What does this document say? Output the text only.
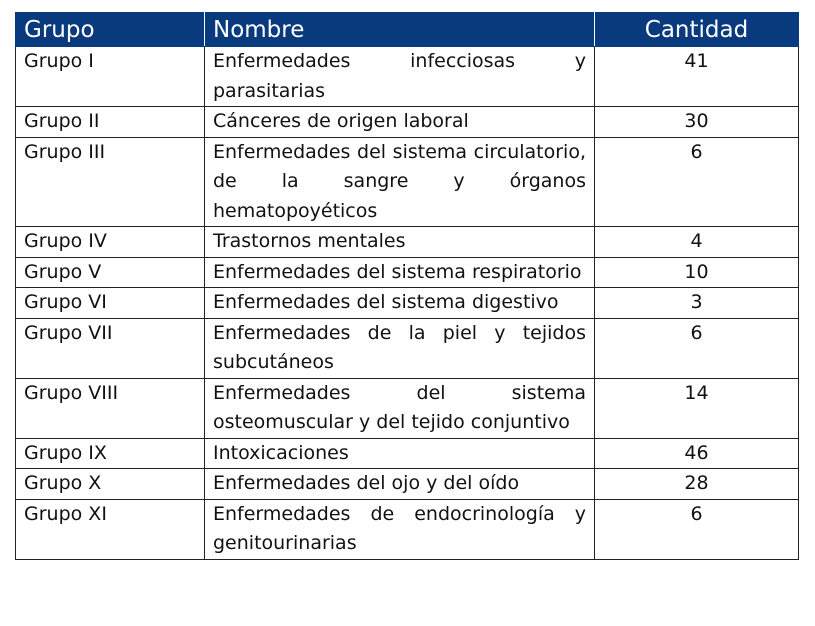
Grupo	Nombre	Cantidad
Grupo I	Enfermedades infecciosas y parasitarias	41
Grupo II	Cánceres de origen laboral	30
Grupo III	Enfermedades del sistema circulatorio, de la sangre y órganos hematopoyéticos	6
Grupo IV	Trastornos mentales	4
Grupo V	Enfermedades del sistema respiratorio	10
Grupo VI	Enfermedades del sistema digestivo	3
Grupo VII	Enfermedades de la piel y tejidos subcutáneos	6
Grupo VIII	Enfermedades del sistema osteomuscular y del tejido conjuntivo	14
Grupo IX	Intoxicaciones	46
Grupo X	Enfermedades del ojo y del oído	28
Grupo XI	Enfermedades de endocrinología y genitourinarias	6
